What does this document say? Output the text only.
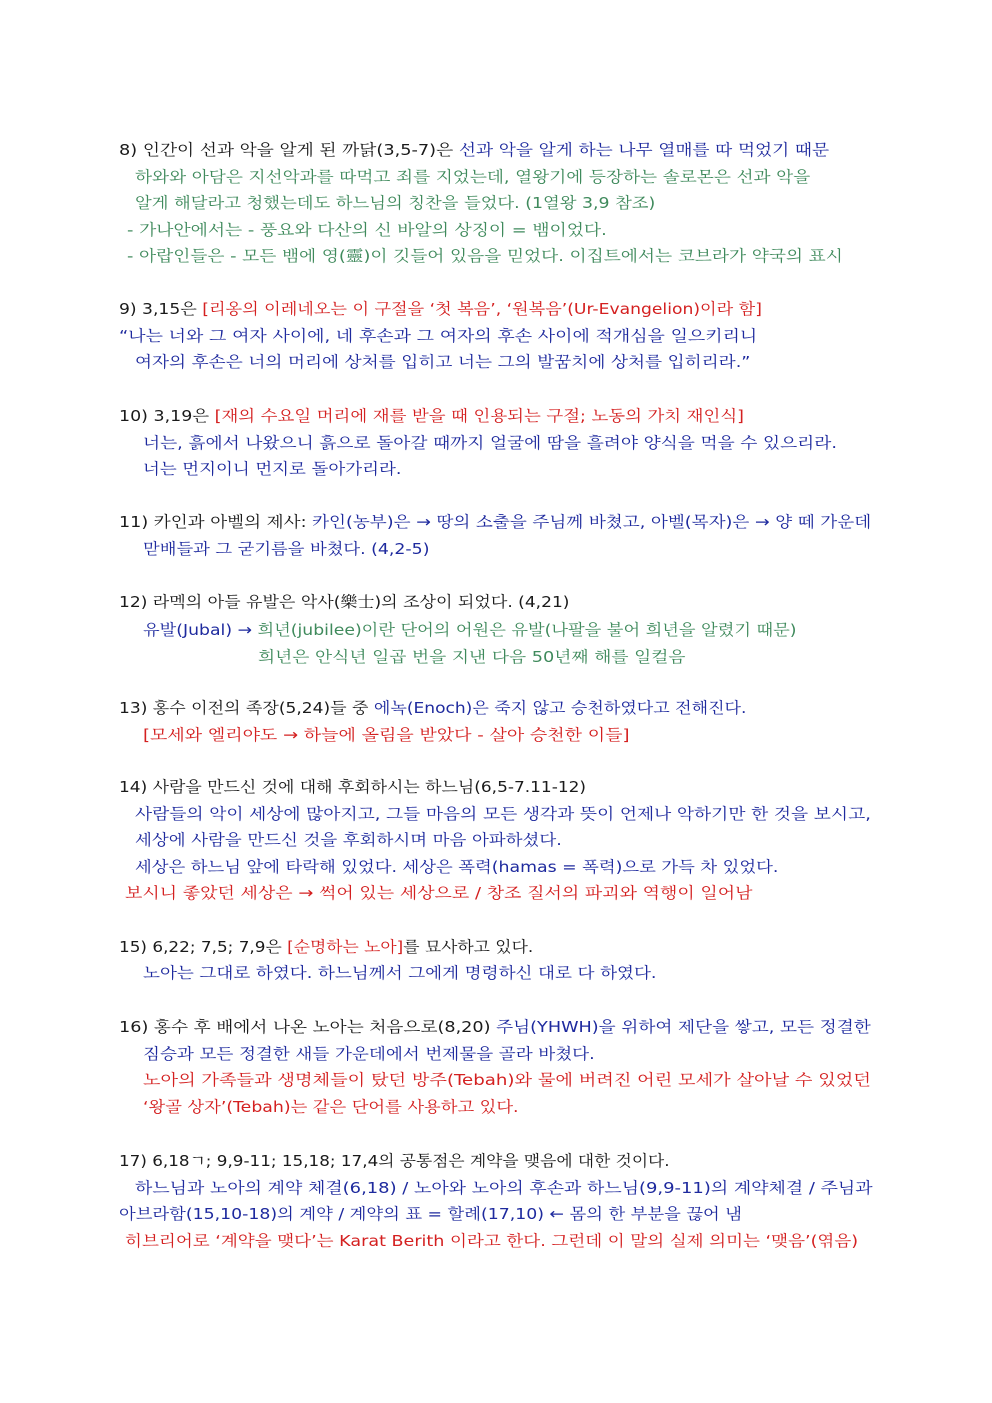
8) 인간이 선과 악을 알게 된 까닭(3,5-7)은 선과 악을 알게 하는 나무 열매를 따 먹었기 때문
하와와 아담은 지선악과를 따먹고 죄를 지었는데, 열왕기에 등장하는 솔로몬은 선과 악을
알게 해달라고 청했는데도 하느님의 칭찬을 들었다. (1열왕 3,9 참조)
- 가나안에서는 - 풍요와 다산의 신 바알의 상징이 = 뱀이었다.
- 아랍인들은 - 모든 뱀에 영(靈)이 깃들어 있음을 믿었다. 이집트에서는 코브라가 약국의 표시
9) 3,15은 [리옹의 이레네오는 이 구절을 ‘첫 복음’, ‘원복음’(Ur-Evangelion)이라 함]
“나는 너와 그 여자 사이에, 네 후손과 그 여자의 후손 사이에 적개심을 일으키리니
여자의 후손은 너의 머리에 상처를 입히고 너는 그의 발꿈치에 상처를 입히리라.”
10) 3,19은 [재의 수요일 머리에 재를 받을 때 인용되는 구절; 노동의 가치 재인식]
너는, 흙에서 나왔으니 흙으로 돌아갈 때까지 얼굴에 땀을 흘려야 양식을 먹을 수 있으리라.
너는 먼지이니 먼지로 돌아가리라.
11) 카인과 아벨의 제사: 카인(농부)은 → 땅의 소출을 주님께 바쳤고, 아벨(목자)은 → 양 떼 가운데
맏배들과 그 굳기름을 바쳤다. (4,2-5)
12) 라멕의 아들 유발은 악사(樂士)의 조상이 되었다. (4,21)
유발(Jubal) → 희년(jubilee)이란 단어의 어원은 유발(나팔을 불어 희년을 알렸기 때문)
희년은 안식년 일곱 번을 지낸 다음 50년째 해를 일컬음
13) 홍수 이전의 족장(5,24)들 중 에녹(Enoch)은 죽지 않고 승천하였다고 전해진다.
[모세와 엘리야도 → 하늘에 올림을 받았다 - 살아 승천한 이들]
14) 사람을 만드신 것에 대해 후회하시는 하느님(6,5-7.11-12)
사람들의 악이 세상에 많아지고, 그들 마음의 모든 생각과 뜻이 언제나 악하기만 한 것을 보시고,
세상에 사람을 만드신 것을 후회하시며 마음 아파하셨다.
세상은 하느님 앞에 타락해 있었다. 세상은 폭력(hamas = 폭력)으로 가득 차 있었다.
보시니 좋았던 세상은 → 썩어 있는 세상으로 / 창조 질서의 파괴와 역행이 일어남
15) 6,22; 7,5; 7,9은 [순명하는 노아]를 묘사하고 있다.
노아는 그대로 하였다. 하느님께서 그에게 명령하신 대로 다 하였다.
16) 홍수 후 배에서 나온 노아는 처음으로(8,20) 주님(YHWH)을 위하여 제단을 쌓고, 모든 정결한
짐승과 모든 정결한 새들 가운데에서 번제물을 골라 바쳤다.
노아의 가족들과 생명체들이 탔던 방주(Tebah)와 물에 버려진 어린 모세가 살아날 수 있었던
‘왕골 상자’(Tebah)는 같은 단어를 사용하고 있다.
17) 6,18ㄱ; 9,9-11; 15,18; 17,4의 공통점은 계약을 맺음에 대한 것이다.
하느님과 노아의 계약 체결(6,18) / 노아와 노아의 후손과 하느님(9,9-11)의 계약체결 / 주님과
아브라함(15,10-18)의 계약 / 계약의 표 = 할례(17,10) ← 몸의 한 부분을 끊어 냄
히브리어로 ‘계약을 맺다’는 Karat Berith 이라고 한다. 그런데 이 말의 실제 의미는 ‘맺음’(엮음)
